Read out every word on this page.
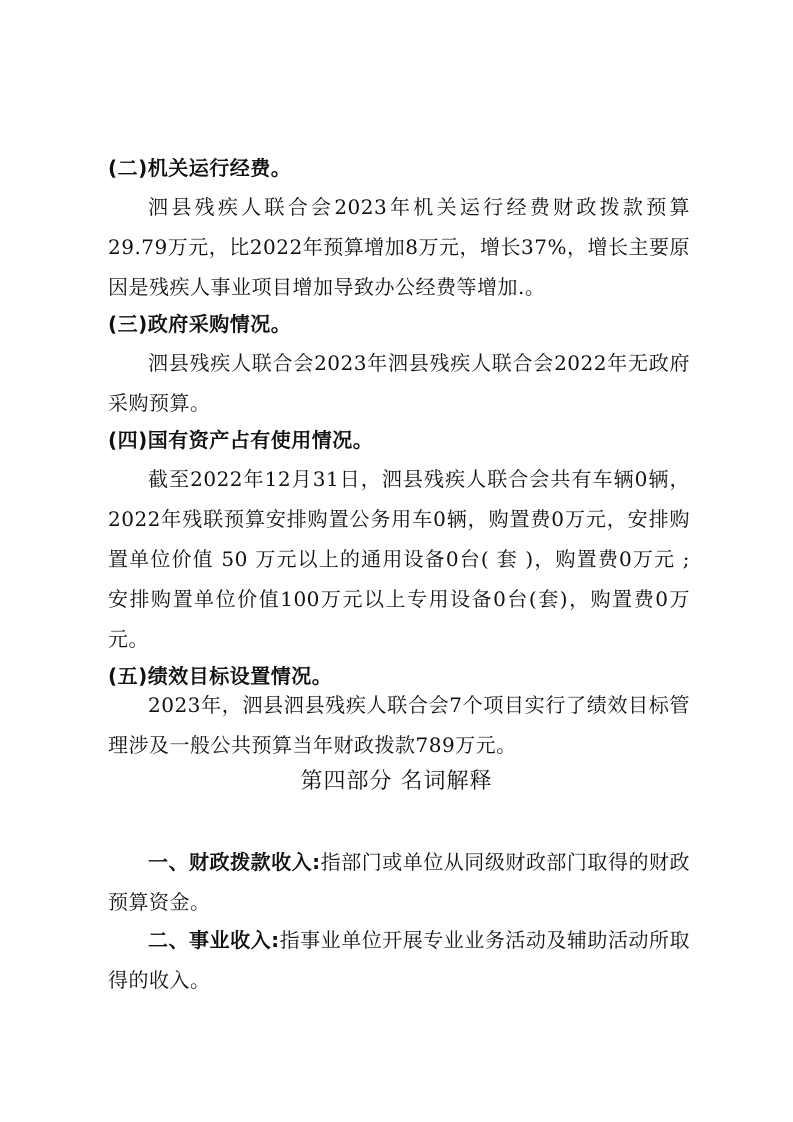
(二)机关运行经费。
泗县残疾人联合会2023年机关运行经费财政拨款预算29.79万元，比2022年预算增加8万元，增长37%，增长主要原因是残疾人事业项目增加导致办公经费等增加.。
(三)政府采购情况。
泗县残疾人联合会2023年泗县残疾人联合会2022年无政府采购预算。
(四)国有资产占有使用情况。
截至2022年12月31日，泗县残疾人联合会共有车辆0辆，2022年残联预算安排购置公务用车0辆，购置费0万元，安排购置单位价值 50 万元以上的通用设备0台( 套 )，购置费0万元 ;安排购置单位价值100万元以上专用设备0台(套)，购置费0万元。
(五)绩效目标设置情况。
2023年，泗县泗县残疾人联合会7个项目实行了绩效目标管理涉及一般公共预算当年财政拨款789万元。
第四部分 名词解释
一、财政拨款收入:指部门或单位从同级财政部门取得的财政预算资金。
二、事业收入:指事业单位开展专业业务活动及辅助活动所取得的收入。
